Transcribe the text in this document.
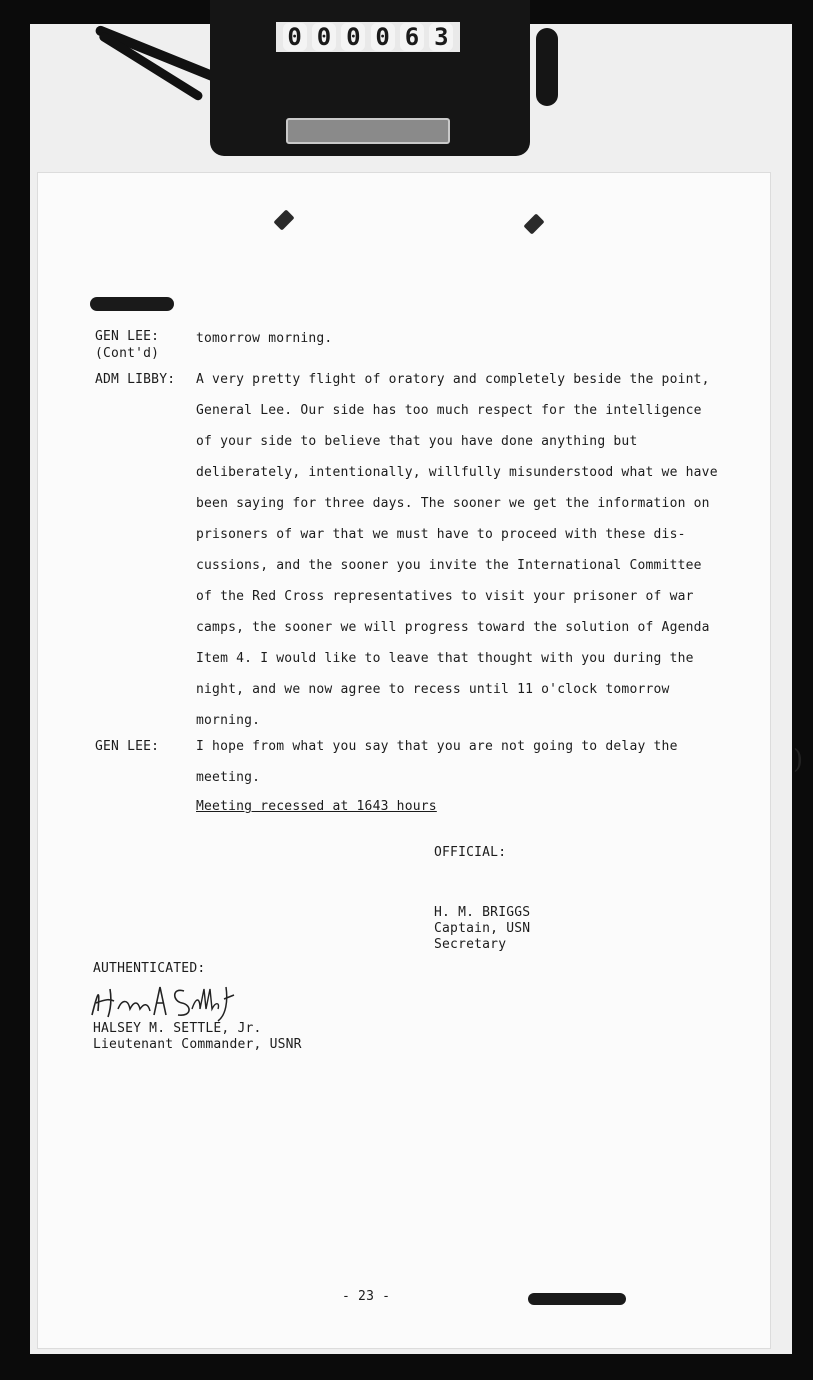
0 0 0 0 6 3
GEN LEE:
(Cont'd)
tomorrow morning.
ADM LIBBY: A very pretty flight of oratory and completely beside the point,
General Lee. Our side has too much respect for the intelligence
of your side to believe that you have done anything but
deliberately, intentionally, willfully misunderstood what we have
been saying for three days. The sooner we get the information on
prisoners of war that we must have to proceed with these dis-
cussions, and the sooner you invite the International Committee
of the Red Cross representatives to visit your prisoner of war
camps, the sooner we will progress toward the solution of Agenda
Item 4. I would like to leave that thought with you during the
night, and we now agree to recess until 11 o'clock tomorrow
morning.
GEN LEE:	I hope from what you say that you are not going to delay the
meeting.
Meeting recessed at 1643 hours
OFFICIAL:
H. M. BRIGGS
Captain, USN
Secretary
AUTHENTICATED:
HALSEY M. SETTLE, Jr.
Lieutenant Commander, USNR
- 23 -
)
